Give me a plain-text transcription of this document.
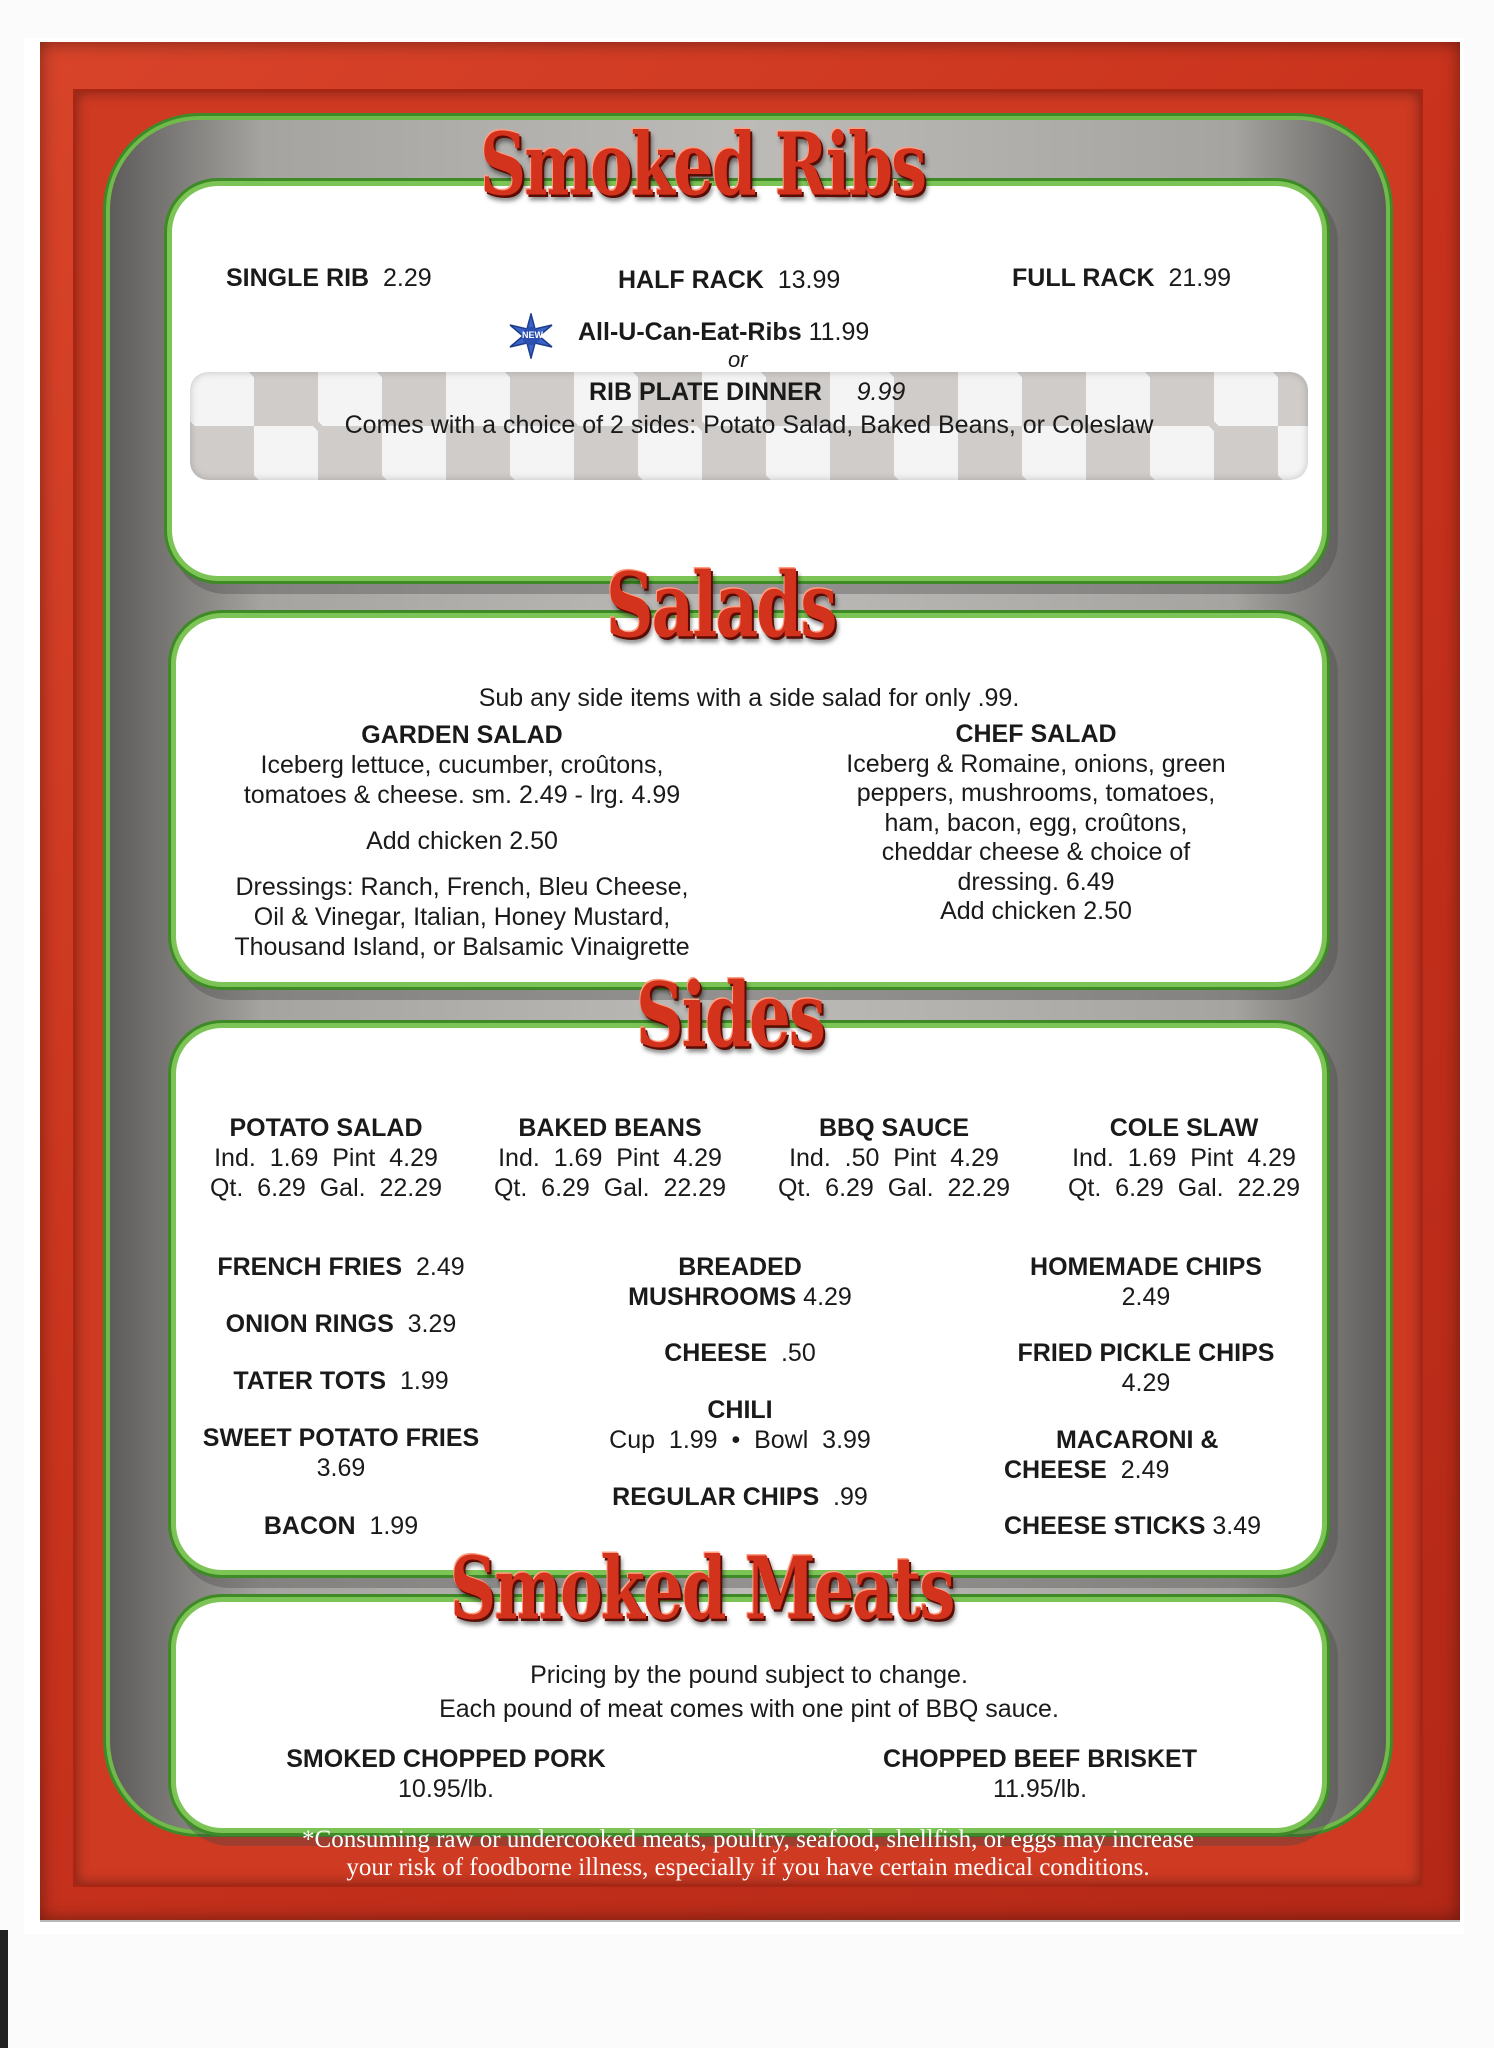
Smoked Ribs
SINGLE RIB 2.29	HALF RACK 13.99	FULL RACK 21.99
NEW All-U-Can-Eat-Ribs 11.99
or
RIB PLATE DINNER 9.99
Comes with a choice of 2 sides: Potato Salad, Baked Beans, or Coleslaw
Salads
Sub any side items with a side salad for only .99.
GARDEN SALAD
Iceberg lettuce, cucumber, croûtons,
tomatoes & cheese. sm. 2.49 - lrg. 4.99
Add chicken 2.50
Dressings: Ranch, French, Bleu Cheese,
Oil & Vinegar, Italian, Honey Mustard,
Thousand Island, or Balsamic Vinaigrette
CHEF SALAD
Iceberg & Romaine, onions, green
peppers, mushrooms, tomatoes,
ham, bacon, egg, croûtons,
cheddar cheese & choice of
dressing. 6.49
Add chicken 2.50
Sides
POTATO SALAD
Ind.  1.69  Pint  4.29
Qt.  6.29  Gal.  22.29
BAKED BEANS
Ind.  1.69  Pint  4.29
Qt.  6.29  Gal.  22.29
BBQ SAUCE
Ind.  .50  Pint  4.29
Qt.  6.29  Gal.  22.29
COLE SLAW
Ind.  1.69  Pint  4.29
Qt.  6.29  Gal.  22.29
FRENCH FRIES 2.49
ONION RINGS 3.29
TATER TOTS 1.99
SWEET POTATO FRIES
3.69
BACON 1.99
BREADED
MUSHROOMS 4.29
CHEESE .50
CHILI
Cup  1.99  •  Bowl  3.99
REGULAR CHIPS .99
HOMEMADE CHIPS
2.49
FRIED PICKLE CHIPS
4.29
MACARONI &
CHEESE 2.49
CHEESE STICKS 3.49
Smoked Meats
Pricing by the pound subject to change.
Each pound of meat comes with one pint of BBQ sauce.
SMOKED CHOPPED PORK
10.95/lb.
CHOPPED BEEF BRISKET
11.95/lb.
*Consuming raw or undercooked meats, poultry, seafood, shellfish, or eggs may increase
your risk of foodborne illness, especially if you have certain medical conditions.
